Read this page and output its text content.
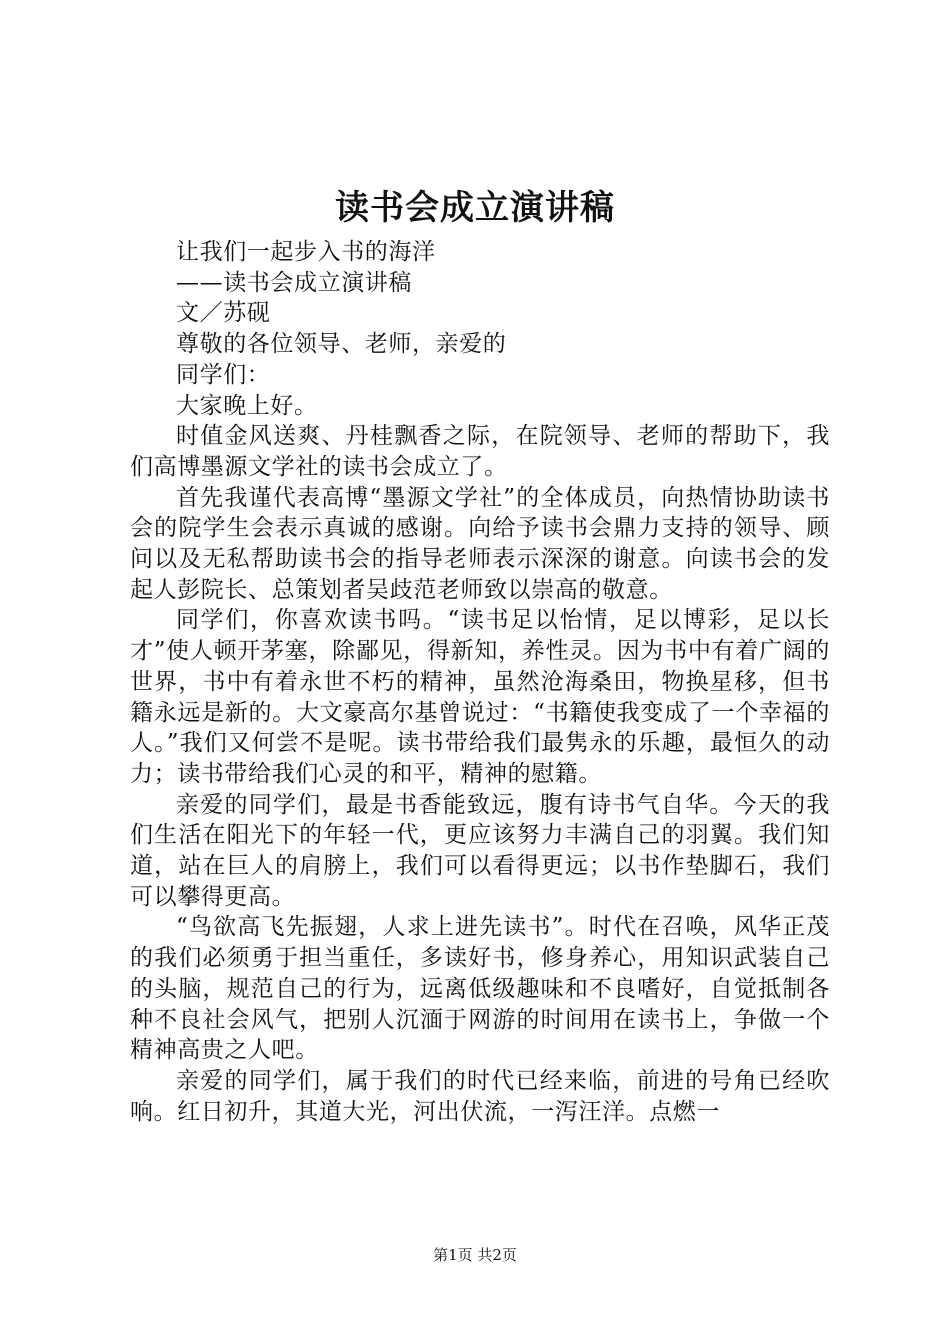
读书会成立演讲稿

让我们一起步入书的海洋

——读书会成立演讲稿

文／苏砚

尊敬的各位领导、老师，亲爱的

同学们：

大家晚上好。

时值金风送爽、丹桂飘香之际，在院领导、老师的帮助下，我们高博墨源文学社的读书会成立了。

首先我谨代表高博“墨源文学社”的全体成员，向热情协助读书会的院学生会表示真诚的感谢。向给予读书会鼎力支持的领导、顾问以及无私帮助读书会的指导老师表示深深的谢意。向读书会的发起人彭院长、总策划者吴歧范老师致以崇高的敬意。

同学们，你喜欢读书吗。“读书足以怡情，足以博彩，足以长才”使人顿开茅塞，除鄙见，得新知，养性灵。因为书中有着广阔的世界，书中有着永世不朽的精神，虽然沧海桑田，物换星移，但书籍永远是新的。大文豪高尔基曾说过：“书籍使我变成了一个幸福的人。”我们又何尝不是呢。读书带给我们最隽永的乐趣，最恒久的动力；读书带给我们心灵的和平，精神的慰籍。

亲爱的同学们，最是书香能致远，腹有诗书气自华。今天的我们生活在阳光下的年轻一代，更应该努力丰满自己的羽翼。我们知道，站在巨人的肩膀上，我们可以看得更远；以书作垫脚石，我们可以攀得更高。

“鸟欲高飞先振翅，人求上进先读书”。时代在召唤，风华正茂的我们必须勇于担当重任，多读好书，修身养心，用知识武装自己的头脑，规范自己的行为，远离低级趣味和不良嗜好，自觉抵制各种不良社会风气，把别人沉湎于网游的时间用在读书上，争做一个精神高贵之人吧。

亲爱的同学们，属于我们的时代已经来临，前进的号角已经吹响。红日初升，其道大光，河出伏流，一泻汪洋。点燃一

第1页 共2页
